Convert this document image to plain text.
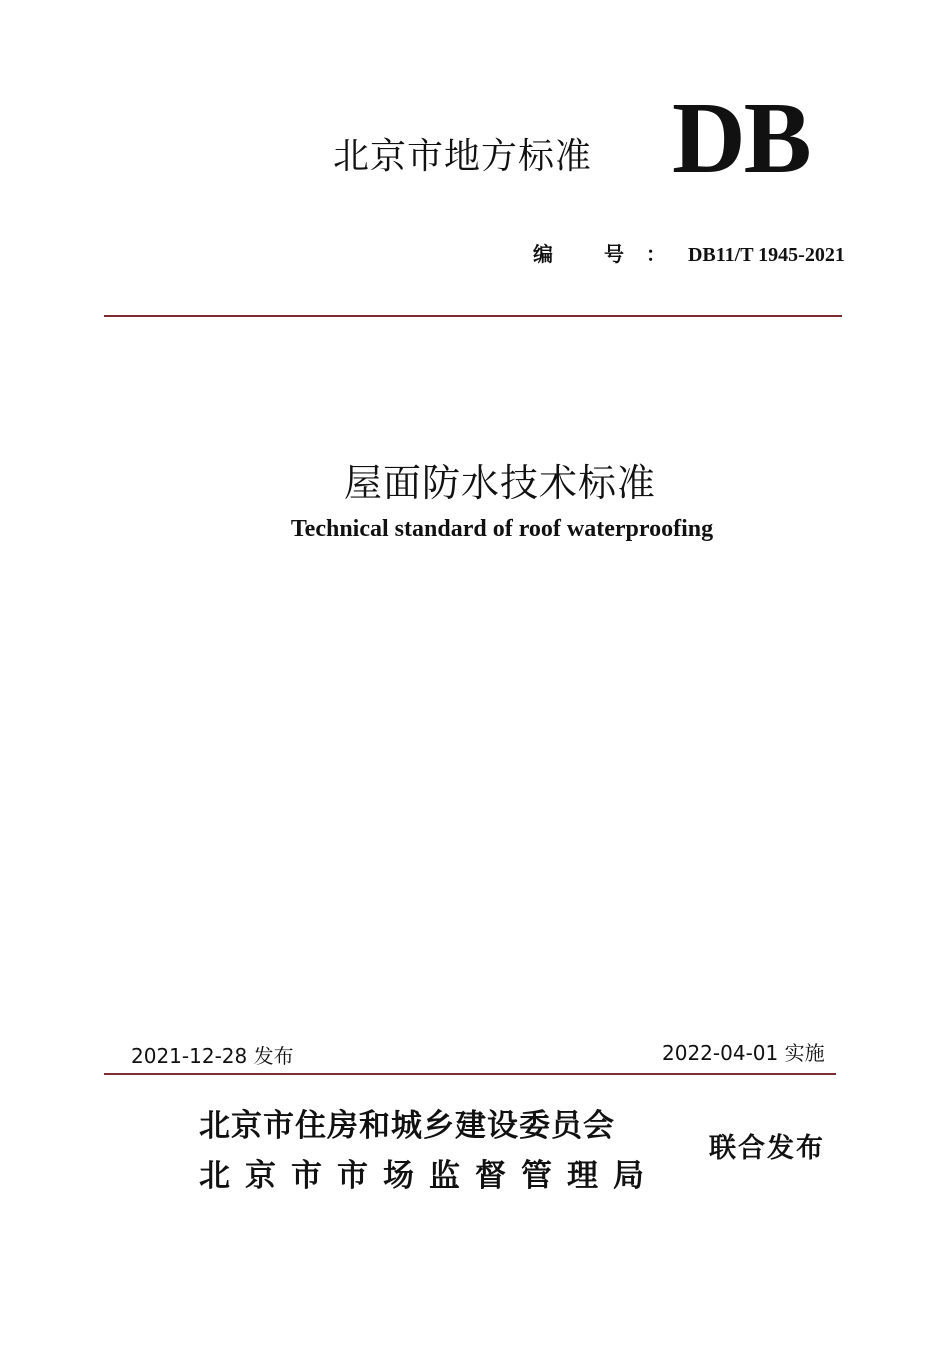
北京市地方标准 DB
编 号：DB11/T 1945-2021
屋面防水技术标准
Technical standard of roof waterproofing
2021-12-28 发布	2022-04-01 实施
北京市住房和城乡建设委员会
北京市市场监督管理局
联合发布
